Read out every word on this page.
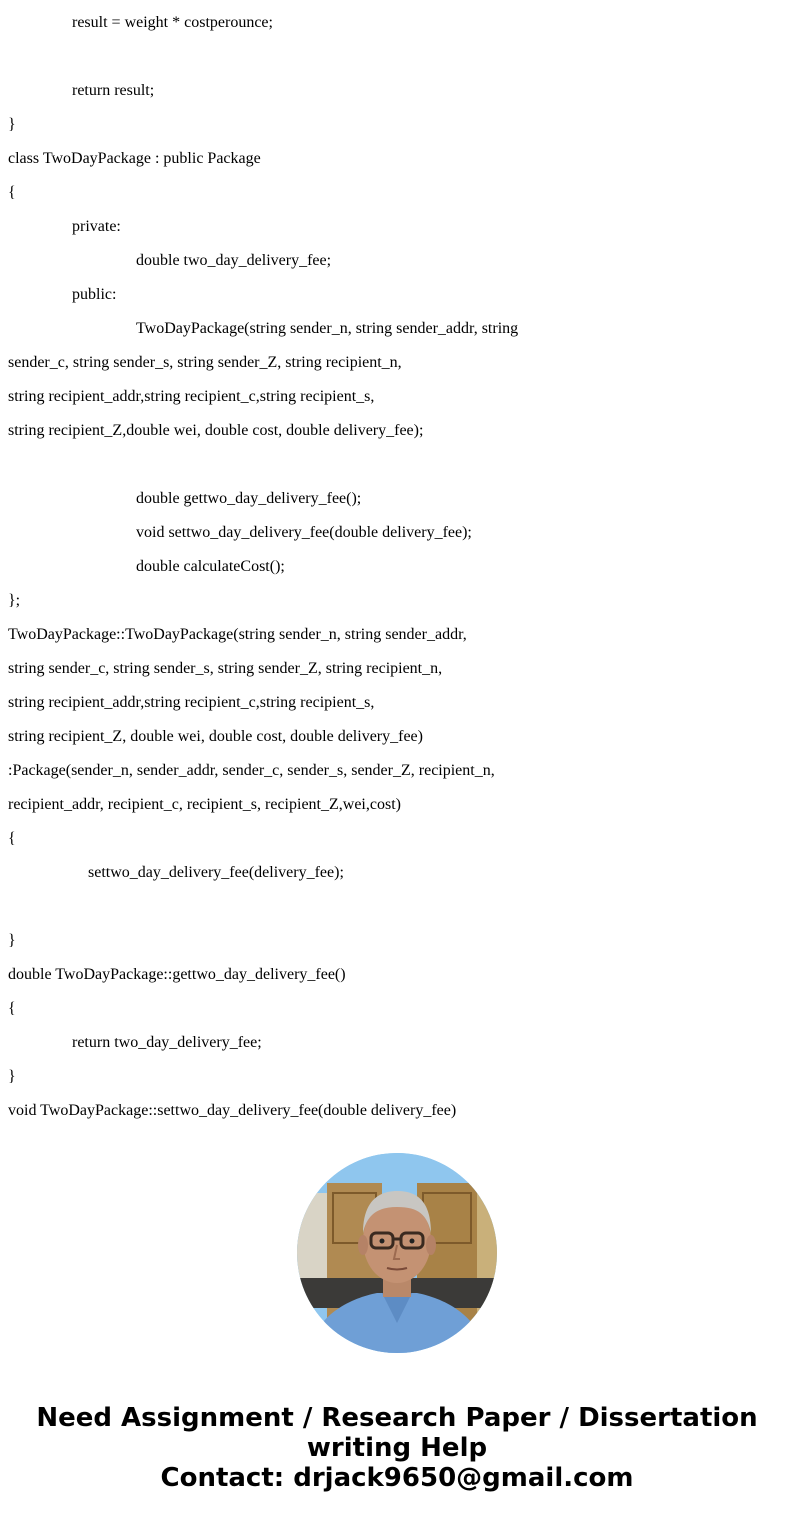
result = weight * costperounce;
return result;
}
class TwoDayPackage : public Package
{
private:
double two_day_delivery_fee;
public:
TwoDayPackage(string sender_n, string sender_addr, string
sender_c, string sender_s, string sender_Z, string recipient_n,
string recipient_addr,string recipient_c,string recipient_s,
string recipient_Z,double wei, double cost, double delivery_fee);
double gettwo_day_delivery_fee();
void settwo_day_delivery_fee(double delivery_fee);
double calculateCost();
};
TwoDayPackage::TwoDayPackage(string sender_n, string sender_addr,
string sender_c, string sender_s, string sender_Z, string recipient_n,
string recipient_addr,string recipient_c,string recipient_s,
string recipient_Z, double wei, double cost, double delivery_fee)
:Package(sender_n, sender_addr, sender_c, sender_s, sender_Z, recipient_n,
recipient_addr, recipient_c, recipient_s, recipient_Z,wei,cost)
{
settwo_day_delivery_fee(delivery_fee);
}
double TwoDayPackage::gettwo_day_delivery_fee()
{
return two_day_delivery_fee;
}
void TwoDayPackage::settwo_day_delivery_fee(double delivery_fee)
Need Assignment / Research Paper / Dissertation
writing Help
Contact: drjack9650@gmail.com
